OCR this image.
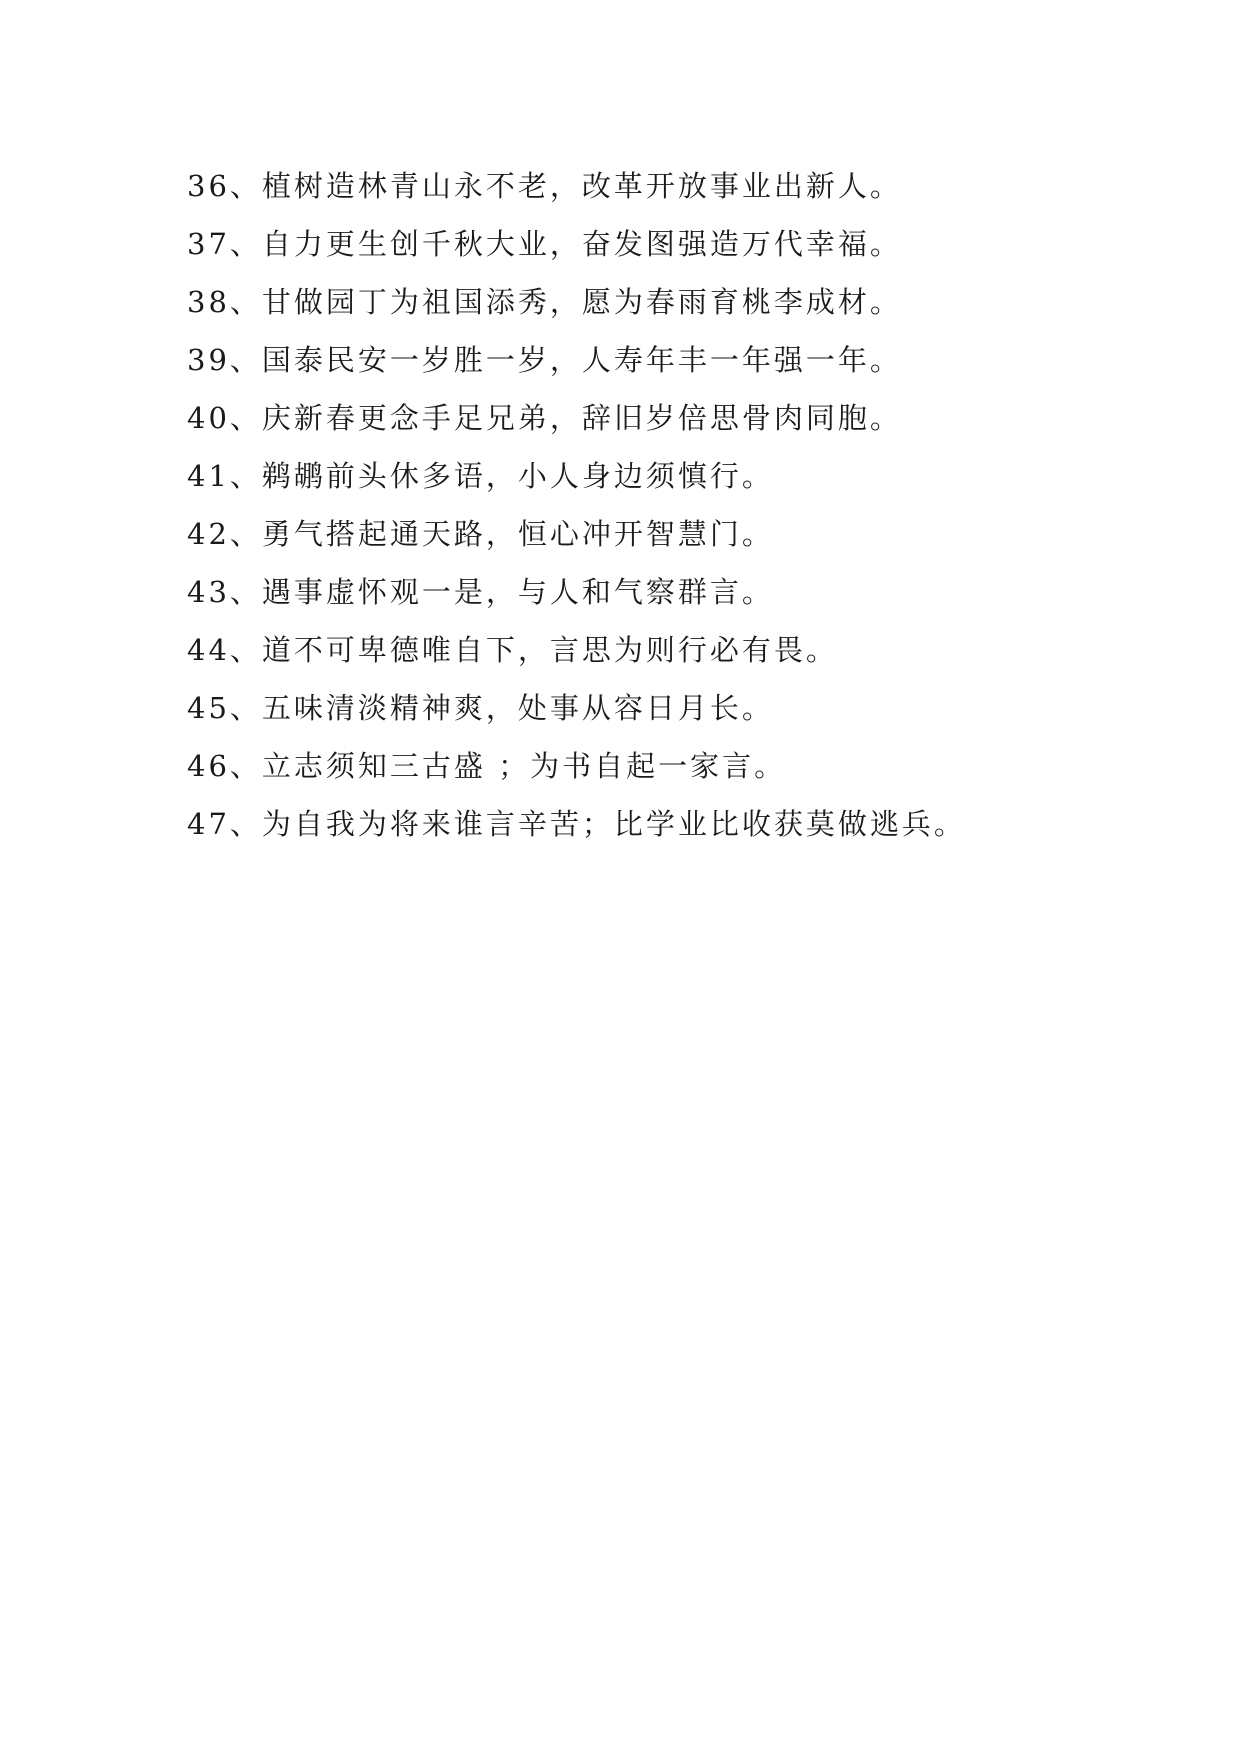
36、植树造林青山永不老，改革开放事业出新人。
37、自力更生创千秋大业，奋发图强造万代幸福。
38、甘做园丁为祖国添秀，愿为春雨育桃李成材。
39、国泰民安一岁胜一岁，人寿年丰一年强一年。
40、庆新春更念手足兄弟，辞旧岁倍思骨肉同胞。
41、鹈鹕前头休多语，小人身边须慎行。
42、勇气搭起通天路，恒心冲开智慧门。
43、遇事虚怀观一是，与人和气察群言。
44、道不可卑德唯自下，言思为则行必有畏。
45、五味清淡精神爽，处事从容日月长。
46、立志须知三古盛 ；为书自起一家言。
47、为自我为将来谁言辛苦；比学业比收获莫做逃兵。
